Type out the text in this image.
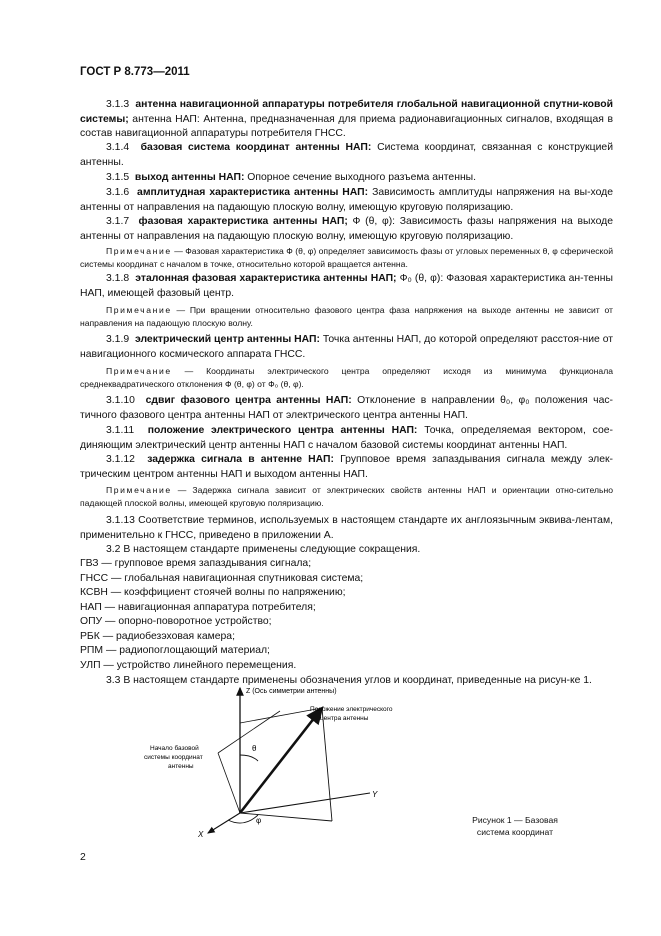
ГОСТ Р 8.773—2011
3.1.3 антенна навигационной аппаратуры потребителя глобальной навигационной спутни-ковой системы; антенна НАП: Антенна, предназначенная для приема радионавигационных сигналов, входящая в состав навигационной аппаратуры потребителя ГНСС.
3.1.4 базовая система координат антенны НАП: Система координат, связанная с конструкцией антенны.
3.1.5 выход антенны НАП: Опорное сечение выходного разъема антенны.
3.1.6 амплитудная характеристика антенны НАП: Зависимость амплитуды напряжения на вы-ходе антенны от направления на падающую плоскую волну, имеющую круговую поляризацию.
3.1.7 фазовая характеристика антенны НАП; Ф (θ, φ): Зависимость фазы напряжения на выходе антенны от направления на падающую плоскую волну, имеющую круговую поляризацию.
Примечание — Фазовая характеристика Ф (θ, φ) определяет зависимость фазы от угловых переменных θ, φ сферической системы координат с началом в точке, относительно которой вращается антенна.
3.1.8 эталонная фазовая характеристика антенны НАП; Ф₀ (θ, φ): Фазовая характеристика ан-тенны НАП, имеющей фазовый центр.
Примечание — При вращении относительно фазового центра фаза напряжения на выходе антенны не зависит от направления на падающую плоскую волну.
3.1.9 электрический центр антенны НАП: Точка антенны НАП, до которой определяют расстоя-ние от навигационного космического аппарата ГНСС.
Примечание — Координаты электрического центра определяют исходя из минимума функционала среднеквадратического отклонения Ф (θ, φ) от Ф₀ (θ, φ).
3.1.10 сдвиг фазового центра антенны НАП: Отклонение в направлении θ₀, φ₀ положения час-тичного фазового центра антенны НАП от электрического центра антенны НАП.
3.1.11 положение электрического центра антенны НАП: Точка, определяемая вектором, сое-диняющим электрический центр антенны НАП с началом базовой системы координат антенны НАП.
3.1.12 задержка сигнала в антенне НАП: Групповое время запаздывания сигнала между элек-трическим центром антенны НАП и выходом антенны НАП.
Примечание — Задержка сигнала зависит от электрических свойств антенны НАП и ориентации отно-сительно падающей плоской волны, имеющей круговую поляризацию.
3.1.13 Соответствие терминов, используемых в настоящем стандарте их англоязычным эквива-лентам, применительно к ГНСС, приведено в приложении А.
3.2 В настоящем стандарте применены следующие сокращения.
ГВЗ — групповое время запаздывания сигнала;
ГНСС — глобальная навигационная спутниковая система;
КСВН — коэффициент стоячей волны по напряжению;
НАП — навигационная аппаратура потребителя;
ОПУ — опорно-поворотное устройство;
РБК — радиобезэховая камера;
РПМ — радиопоглощающий материал;
УЛП — устройство линейного перемещения.
3.3 В настоящем стандарте применены обозначения углов и координат, приведенные на рисун-ке 1.
Z (Ось симметрии антенны)
Положение электрического
центра антенны
Начало базовой
системы координат
антенны
θ
φ
X
Y
Рисунок 1 — Базовая
система координат
2
